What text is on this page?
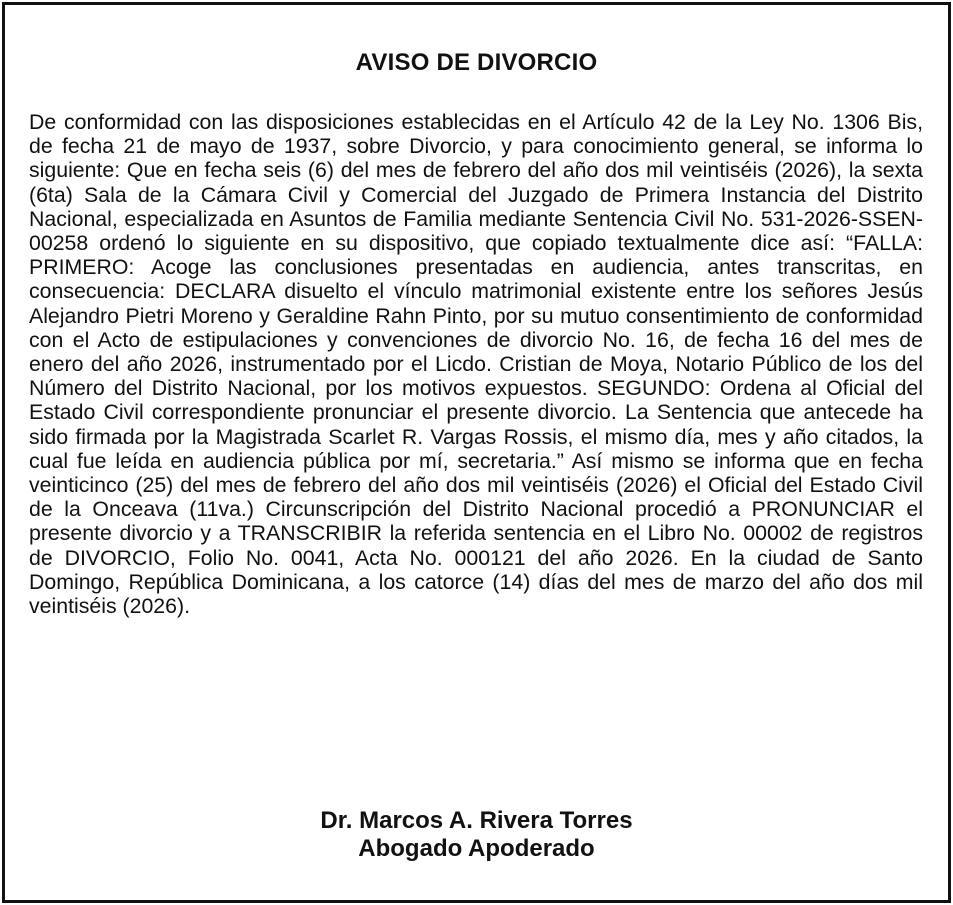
AVISO DE DIVORCIO

De conformidad con las disposiciones establecidas en el Artículo 42 de la Ley No. 1306 Bis, de fecha 21 de mayo de 1937, sobre Divorcio, y para conocimiento general, se informa lo siguiente: Que en fecha seis (6) del mes de febrero del año dos mil veintiséis (2026), la sexta (6ta) Sala de la Cámara Civil y Comercial del Juzgado de Primera Instancia del Distrito Nacional, especializada en Asuntos de Familia mediante Sentencia Civil No. 531-2026-SSEN-00258 ordenó lo siguiente en su dispositivo, que copiado textualmente dice así: “FALLA: PRIMERO: Acoge las conclusiones presentadas en audiencia, antes transcritas, en consecuencia: DECLARA disuelto el vínculo matrimonial existente entre los señores Jesús Alejandro Pietri Moreno y Geraldine Rahn Pinto, por su mutuo consentimiento de conformidad con el Acto de estipulaciones y convenciones de divorcio No. 16, de fecha 16 del mes de enero del año 2026, instrumentado por el Licdo. Cristian de Moya, Notario Público de los del Número del Distrito Nacional, por los motivos expuestos. SEGUNDO: Ordena al Oficial del Estado Civil correspondiente pronunciar el presente divorcio. La Sentencia que antecede ha sido firmada por la Magistrada Scarlet R. Vargas Rossis, el mismo día, mes y año citados, la cual fue leída en audiencia pública por mí, secretaria.” Así mismo se informa que en fecha veinticinco (25) del mes de febrero del año dos mil veintiséis (2026) el Oficial del Estado Civil de la Onceava (11va.) Circunscripción del Distrito Nacional procedió a PRONUNCIAR el presente divorcio y a TRANSCRIBIR la referida sentencia en el Libro No. 00002 de registros de DIVORCIO, Folio No. 0041, Acta No. 000121 del año 2026. En la ciudad de Santo Domingo, República Dominicana, a los catorce (14) días del mes de marzo del año dos mil veintiséis (2026).

Dr. Marcos A. Rivera Torres
Abogado Apoderado
